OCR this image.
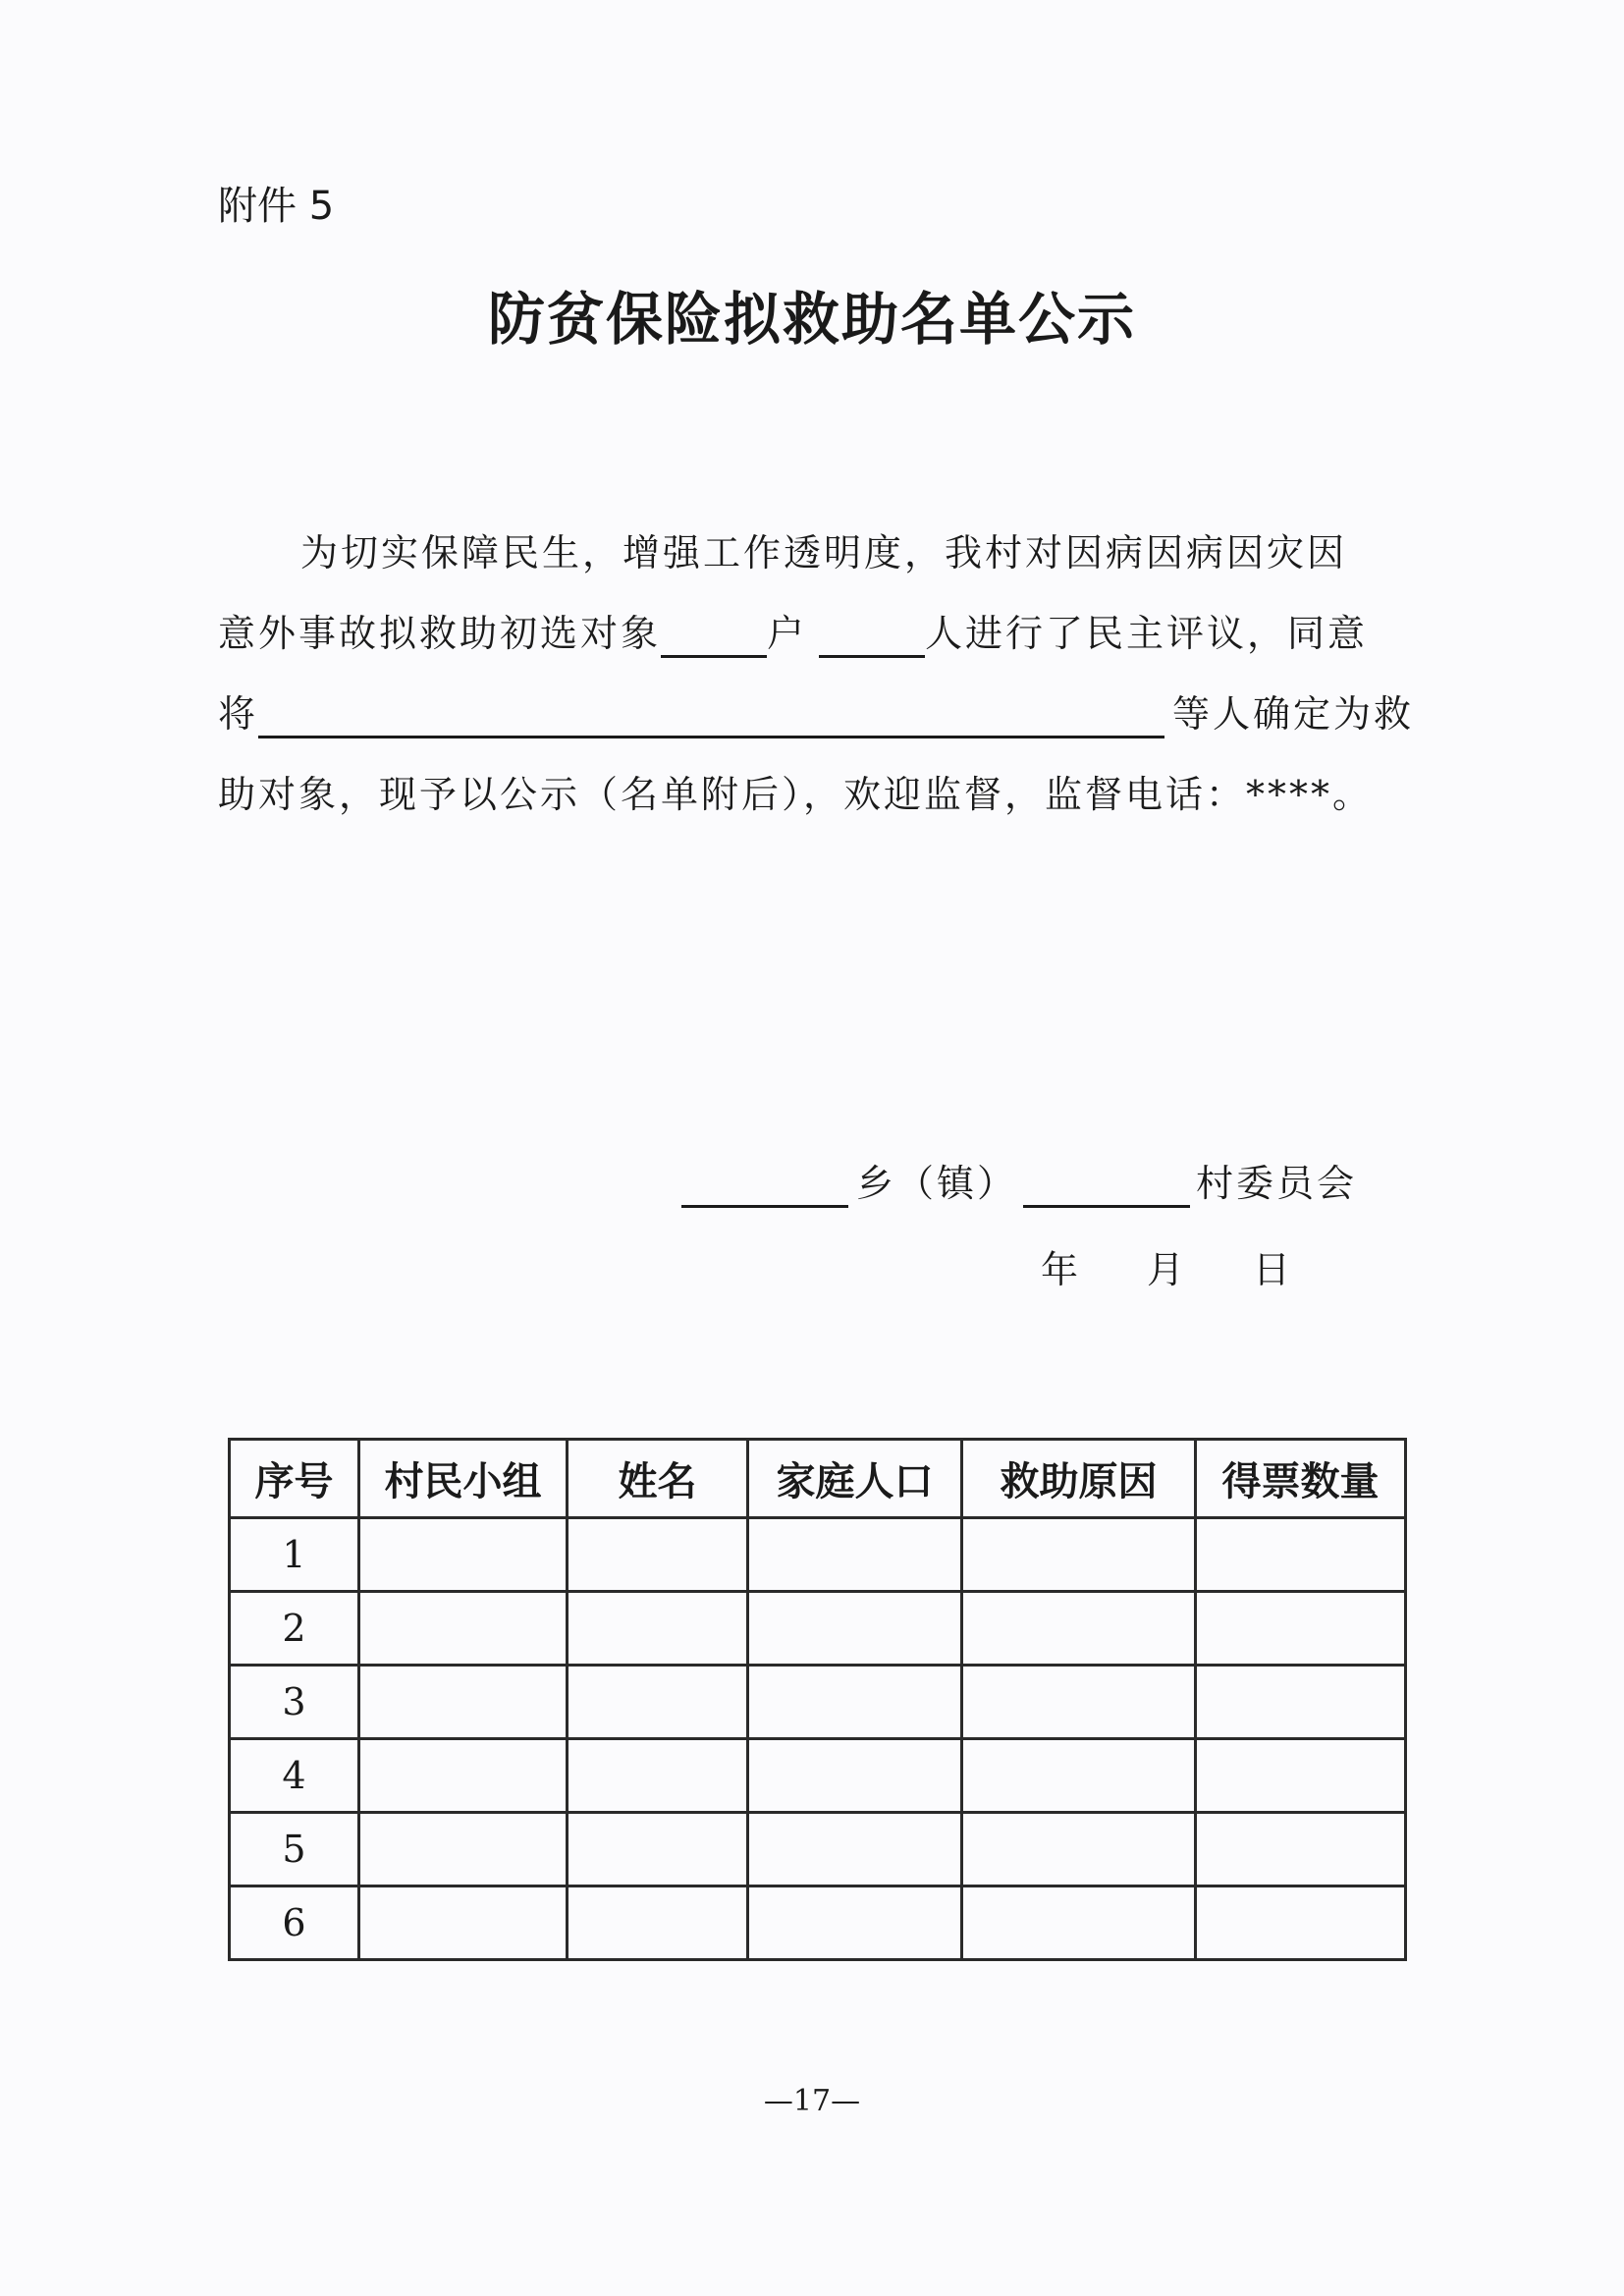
附件 5
防贫保险拟救助名单公示
为切实保障民生，增强工作透明度，我村对因病因病因灾因
意外事故拟救助初选对象	户	人进行了民主评议，同意
将	等人确定为救
助对象，现予以公示（名单附后），欢迎监督，监督电话：****。
乡（镇）	村委员会
年 月 日
序号	村民小组	姓名	家庭人口	救助原因	得票数量
1					
2					
3					
4					
5					
6					
—17—
